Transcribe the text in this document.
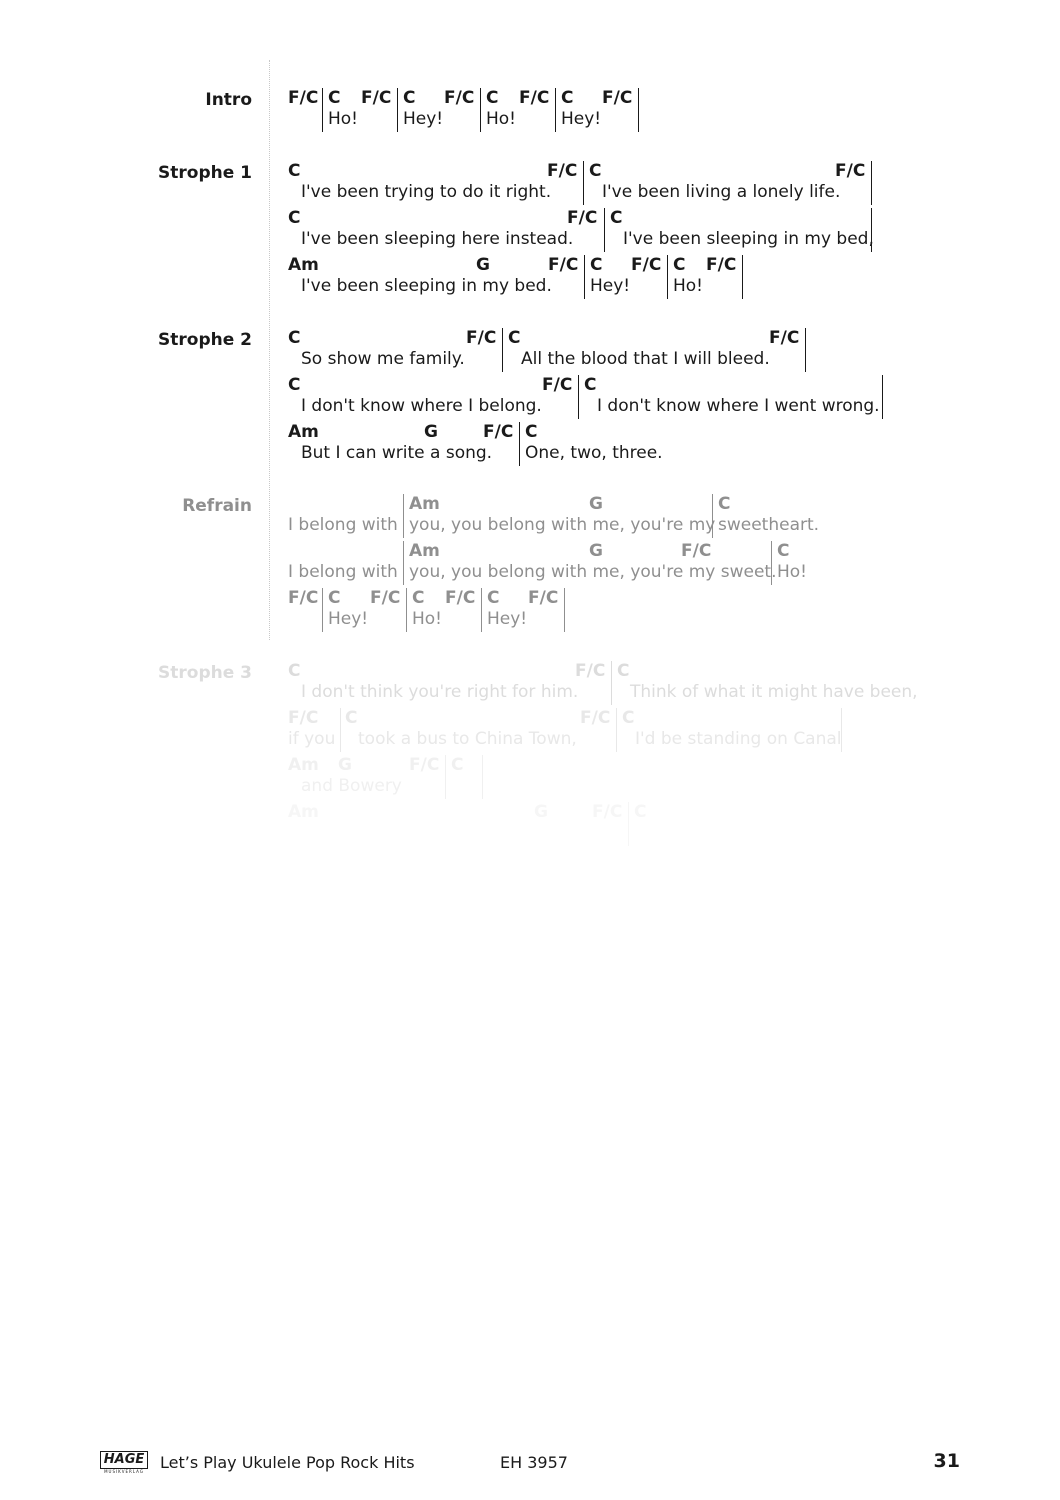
Intro F/C C F/C C F/C C F/C C F/C
Ho!	Hey!	Ho!	Hey!
Strophe 1 C	F/C C	F/C
I've been trying to do it right.	I've been living a lonely life.
C	F/C C
I've been sleeping here instead.	I've been sleeping in my bed,
Am	G	F/C C F/C C F/C
I've been sleeping in my bed. Hey!	Ho!
Strophe 2 C	F/C C	F/C
So show me family.	All the blood that I will bleed.
C	F/C C
I don't know where I belong.	I don't know where I went wrong.
Am	G	F/C C
But I can write a song. One, two, three.
Refrain	Am	G	C
I belong with you, you belong with me, you're my sweetheart.
Am	G	F/C	C
I belong with you, you belong with me, you're my sweet. Ho!
F/C C F/C C F/C C F/C
Hey!	Ho!	Hey!
Strophe 3 C	F/C C
I don't think you're right for him.	Think of what it might have been,
F/C C	F/C C
if you took a bus to China Town,	I'd be standing on Canal
Am G	F/C C
and Bowery
Am	G	F/C C
HAGE
MUSIKVERLAG Let’s Play Ukulele Pop Rock Hits	EH 3957	31
